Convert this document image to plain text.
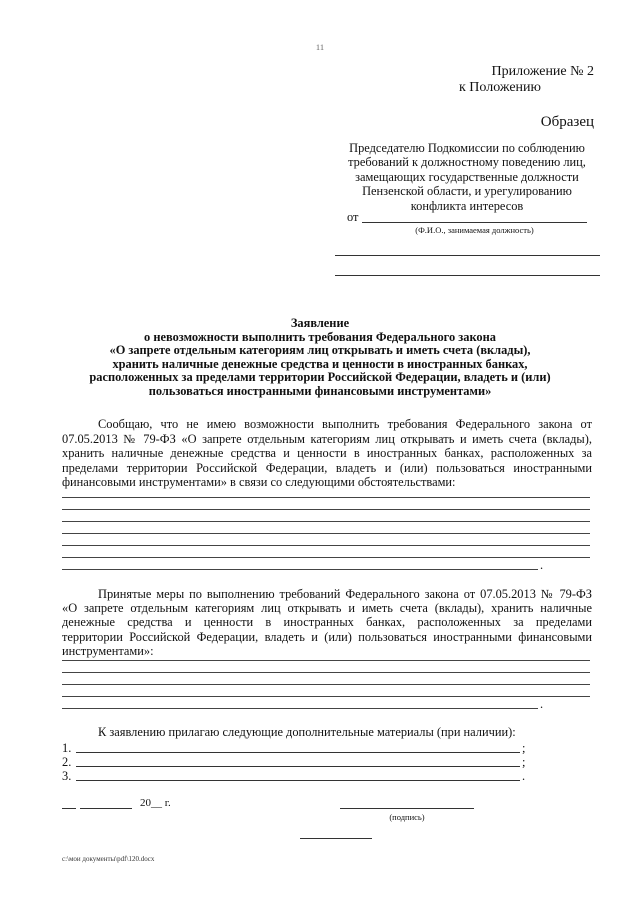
11
Приложение № 2
к Положению
Образец
Председателю Подкомиссии по соблюдению
требований к должностному поведению лиц,
замещающих государственные должности
Пензенской области, и урегулированию
конфликта интересов
от
(Ф.И.О., занимаемая должность)
Заявление
о невозможности выполнить требования Федерального закона
«О запрете отдельным категориям лиц открывать и иметь счета (вклады),
хранить наличные денежные средства и ценности в иностранных банках,
расположенных за пределами территории Российской Федерации, владеть и (или)
пользоваться иностранными финансовыми инструментами»
Сообщаю, что не имею возможности выполнить требования Федерального закона от
07.05.2013 № 79-ФЗ «О запрете отдельным категориям лиц открывать и иметь счета (вклады),
хранить наличные денежные средства и ценности в иностранных банках, расположенных за
пределами территории Российской Федерации, владеть и (или) пользоваться иностранными
финансовыми инструментами» в связи со следующими обстоятельствами:
.
Принятые меры по выполнению требований Федерального закона от 07.05.2013 № 79-ФЗ
«О запрете отдельным категориям лиц открывать и иметь счета (вклады), хранить наличные
денежные средства и ценности в иностранных банках, расположенных за пределами
территории Российской Федерации, владеть и (или) пользоваться иностранными финансовыми
инструментами»:
.
К заявлению прилагаю следующие дополнительные материалы (при наличии):
1.	;
2.	;
3.	.
20__ г.
(подпись)
c:\мои документы\pdf\120.docx
